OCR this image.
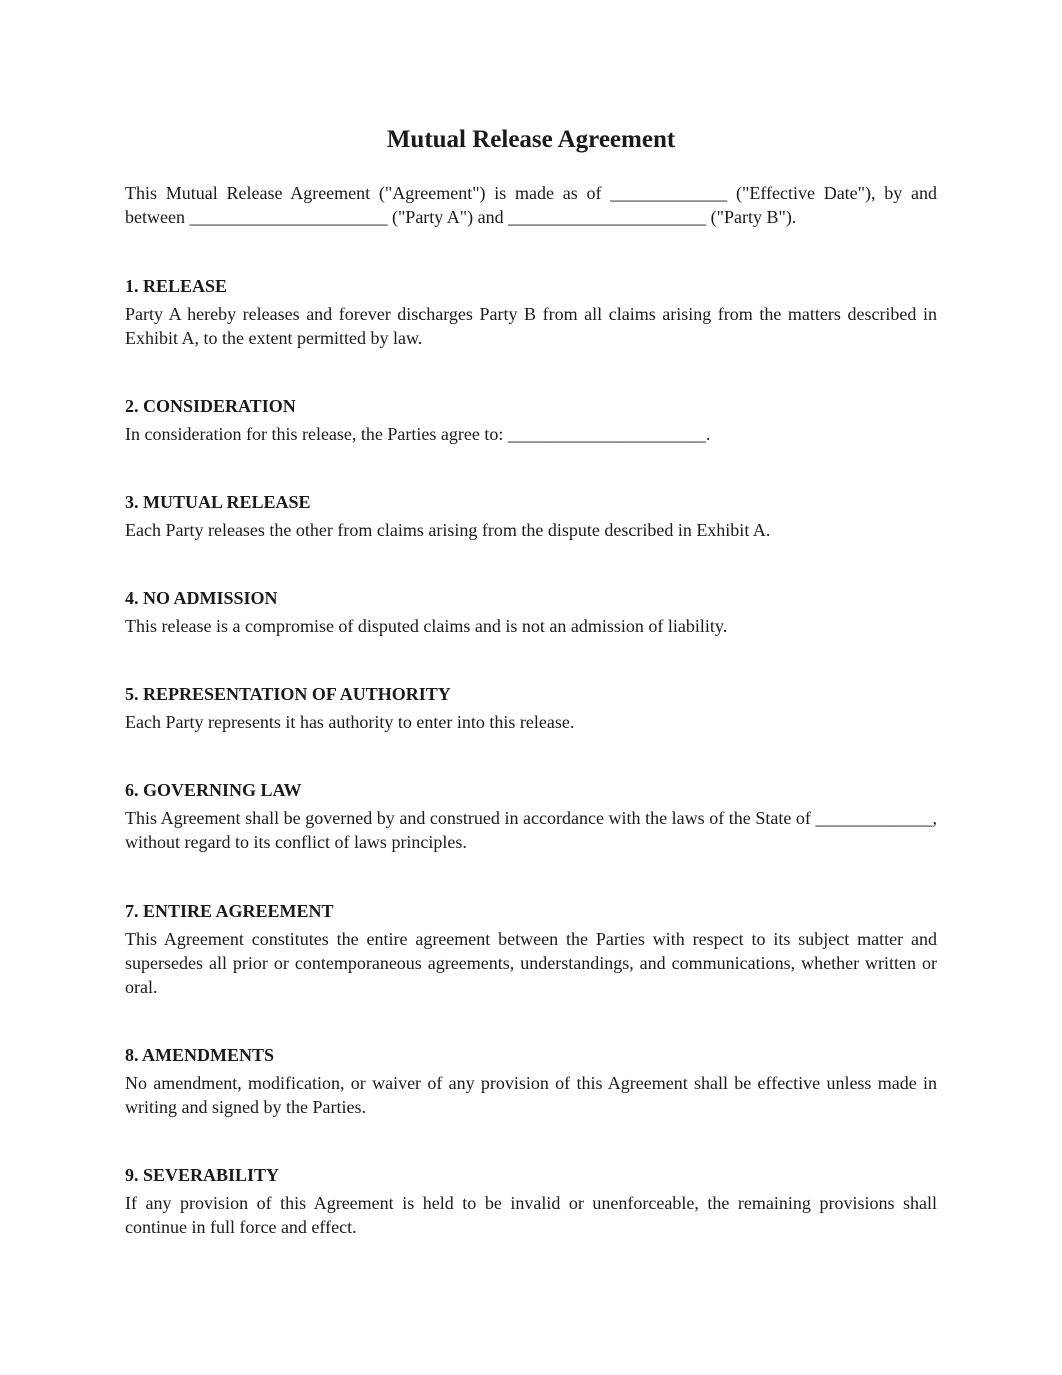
Mutual Release Agreement

This Mutual Release Agreement ("Agreement") is made as of _____________ ("Effective Date"), by and between ______________________ ("Party A") and ______________________ ("Party B").

1. RELEASE

Party A hereby releases and forever discharges Party B from all claims arising from the matters described in Exhibit A, to the extent permitted by law.

2. CONSIDERATION

In consideration for this release, the Parties agree to: ______________________.

3. MUTUAL RELEASE

Each Party releases the other from claims arising from the dispute described in Exhibit A.

4. NO ADMISSION

This release is a compromise of disputed claims and is not an admission of liability.

5. REPRESENTATION OF AUTHORITY

Each Party represents it has authority to enter into this release.

6. GOVERNING LAW

This Agreement shall be governed by and construed in accordance with the laws of the State of _____________, without regard to its conflict of laws principles.

7. ENTIRE AGREEMENT

This Agreement constitutes the entire agreement between the Parties with respect to its subject matter and supersedes all prior or contemporaneous agreements, understandings, and communications, whether written or oral.

8. AMENDMENTS

No amendment, modification, or waiver of any provision of this Agreement shall be effective unless made in writing and signed by the Parties.

9. SEVERABILITY

If any provision of this Agreement is held to be invalid or unenforceable, the remaining provisions shall continue in full force and effect.
